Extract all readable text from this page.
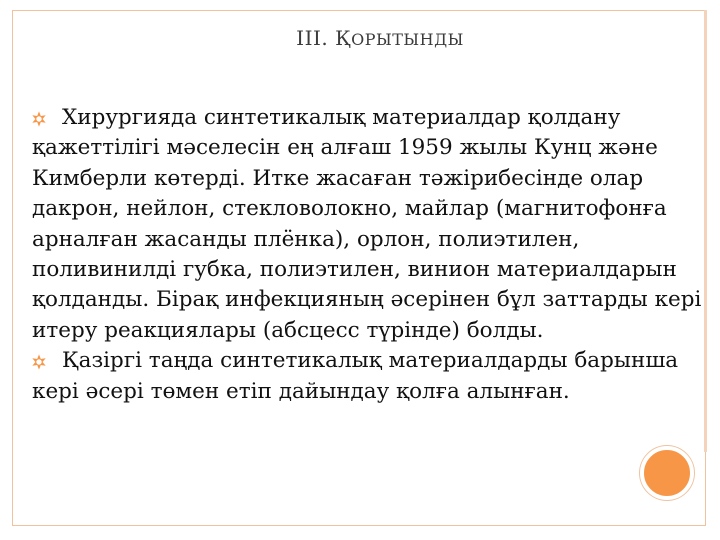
III. ҚОРЫТЫНДЫ

Хирургияда синтетикалық материалдар қолдану қажеттілігі мәселесін ең алғаш 1959 жылы Кунц және Кимберли көтерді. Итке жасаған тәжірибесінде олар дакрон, нейлон, стекловолокно, майлар (магнитофонға арналған жасанды плёнка), орлон, полиэтилен, поливинилді губка, полиэтилен, винион материалдарын қолданды. Бірақ инфекцияның әсерінен бұл заттарды кері итеру реакциялары (абсцесс түрінде) болды.

Қазіргі таңда синтетикалық материалдарды барынша кері әсері төмен етіп дайындау қолға алынған.
